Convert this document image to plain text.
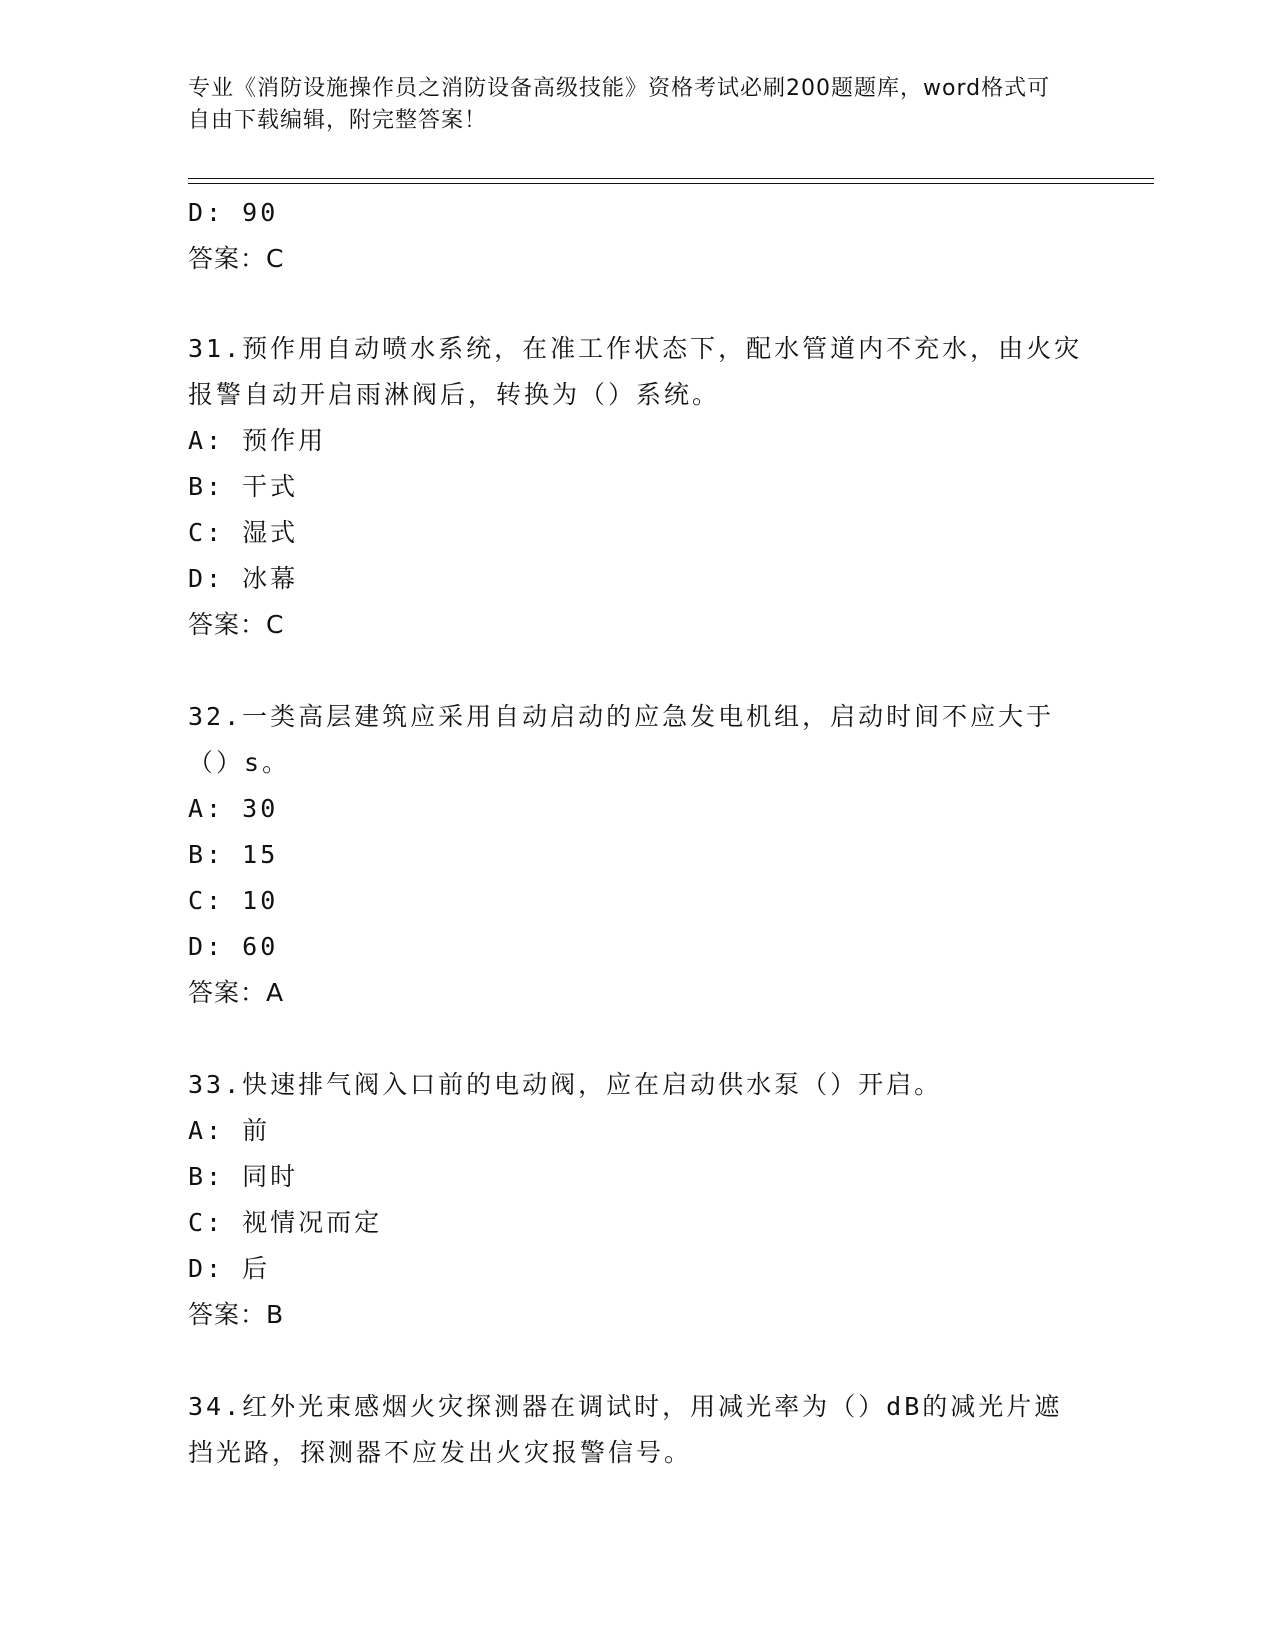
专业《消防设施操作员之消防设备高级技能》资格考试必刷200题题库，word格式可自由下载编辑，附完整答案！
D: 90
答案：C
31.预作用自动喷水系统，在准工作状态下，配水管道内不充水，由火灾报警自动开启雨淋阀后，转换为（）系统。
A: 预作用
B: 干式
C: 湿式
D: 冰幕
答案：C
32.一类高层建筑应采用自动启动的应急发电机组，启动时间不应大于（）s。
A: 30
B: 15
C: 10
D: 60
答案：A
33.快速排气阀入口前的电动阀，应在启动供水泵（）开启。
A: 前
B: 同时
C: 视情况而定
D: 后
答案：B
34.红外光束感烟火灾探测器在调试时，用减光率为（）dB的减光片遮挡光路，探测器不应发出火灾报警信号。
